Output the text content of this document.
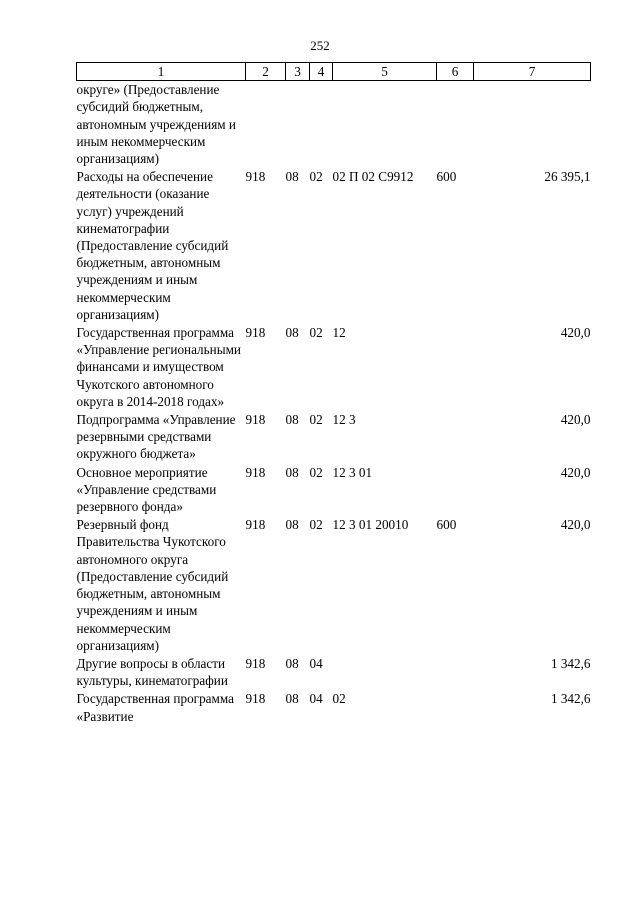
252
1	2	3	4	5	6	7
округе» (Предоставление субсидий бюджетным, автономным учреждениям и иным некоммерческим организациям)						
Расходы на обеспечение деятельности (оказание услуг) учреждений кинематографии (Предоставление субсидий бюджетным, автономным учреждениям и иным некоммерческим организациям)	918	08	02	02 П 02 С9912	600	26 395,1
Государственная программа «Управление региональными финансами и имуществом Чукотского автономного округа в 2014-2018 годах»	918	08	02	12		420,0
Подпрограмма «Управление резервными средствами окружного бюджета»	918	08	02	12 3		420,0
Основное мероприятие «Управление средствами резервного фонда»	918	08	02	12 3 01		420,0
Резервный фонд Правительства Чукотского автономного округа (Предоставление субсидий бюджетным, автономным учреждениям и иным некоммерческим организациям)	918	08	02	12 3 01 20010	600	420,0
Другие вопросы в области культуры, кинематографии	918	08	04			1 342,6
Государственная программа «Развитие	918	08	04	02		1 342,6
